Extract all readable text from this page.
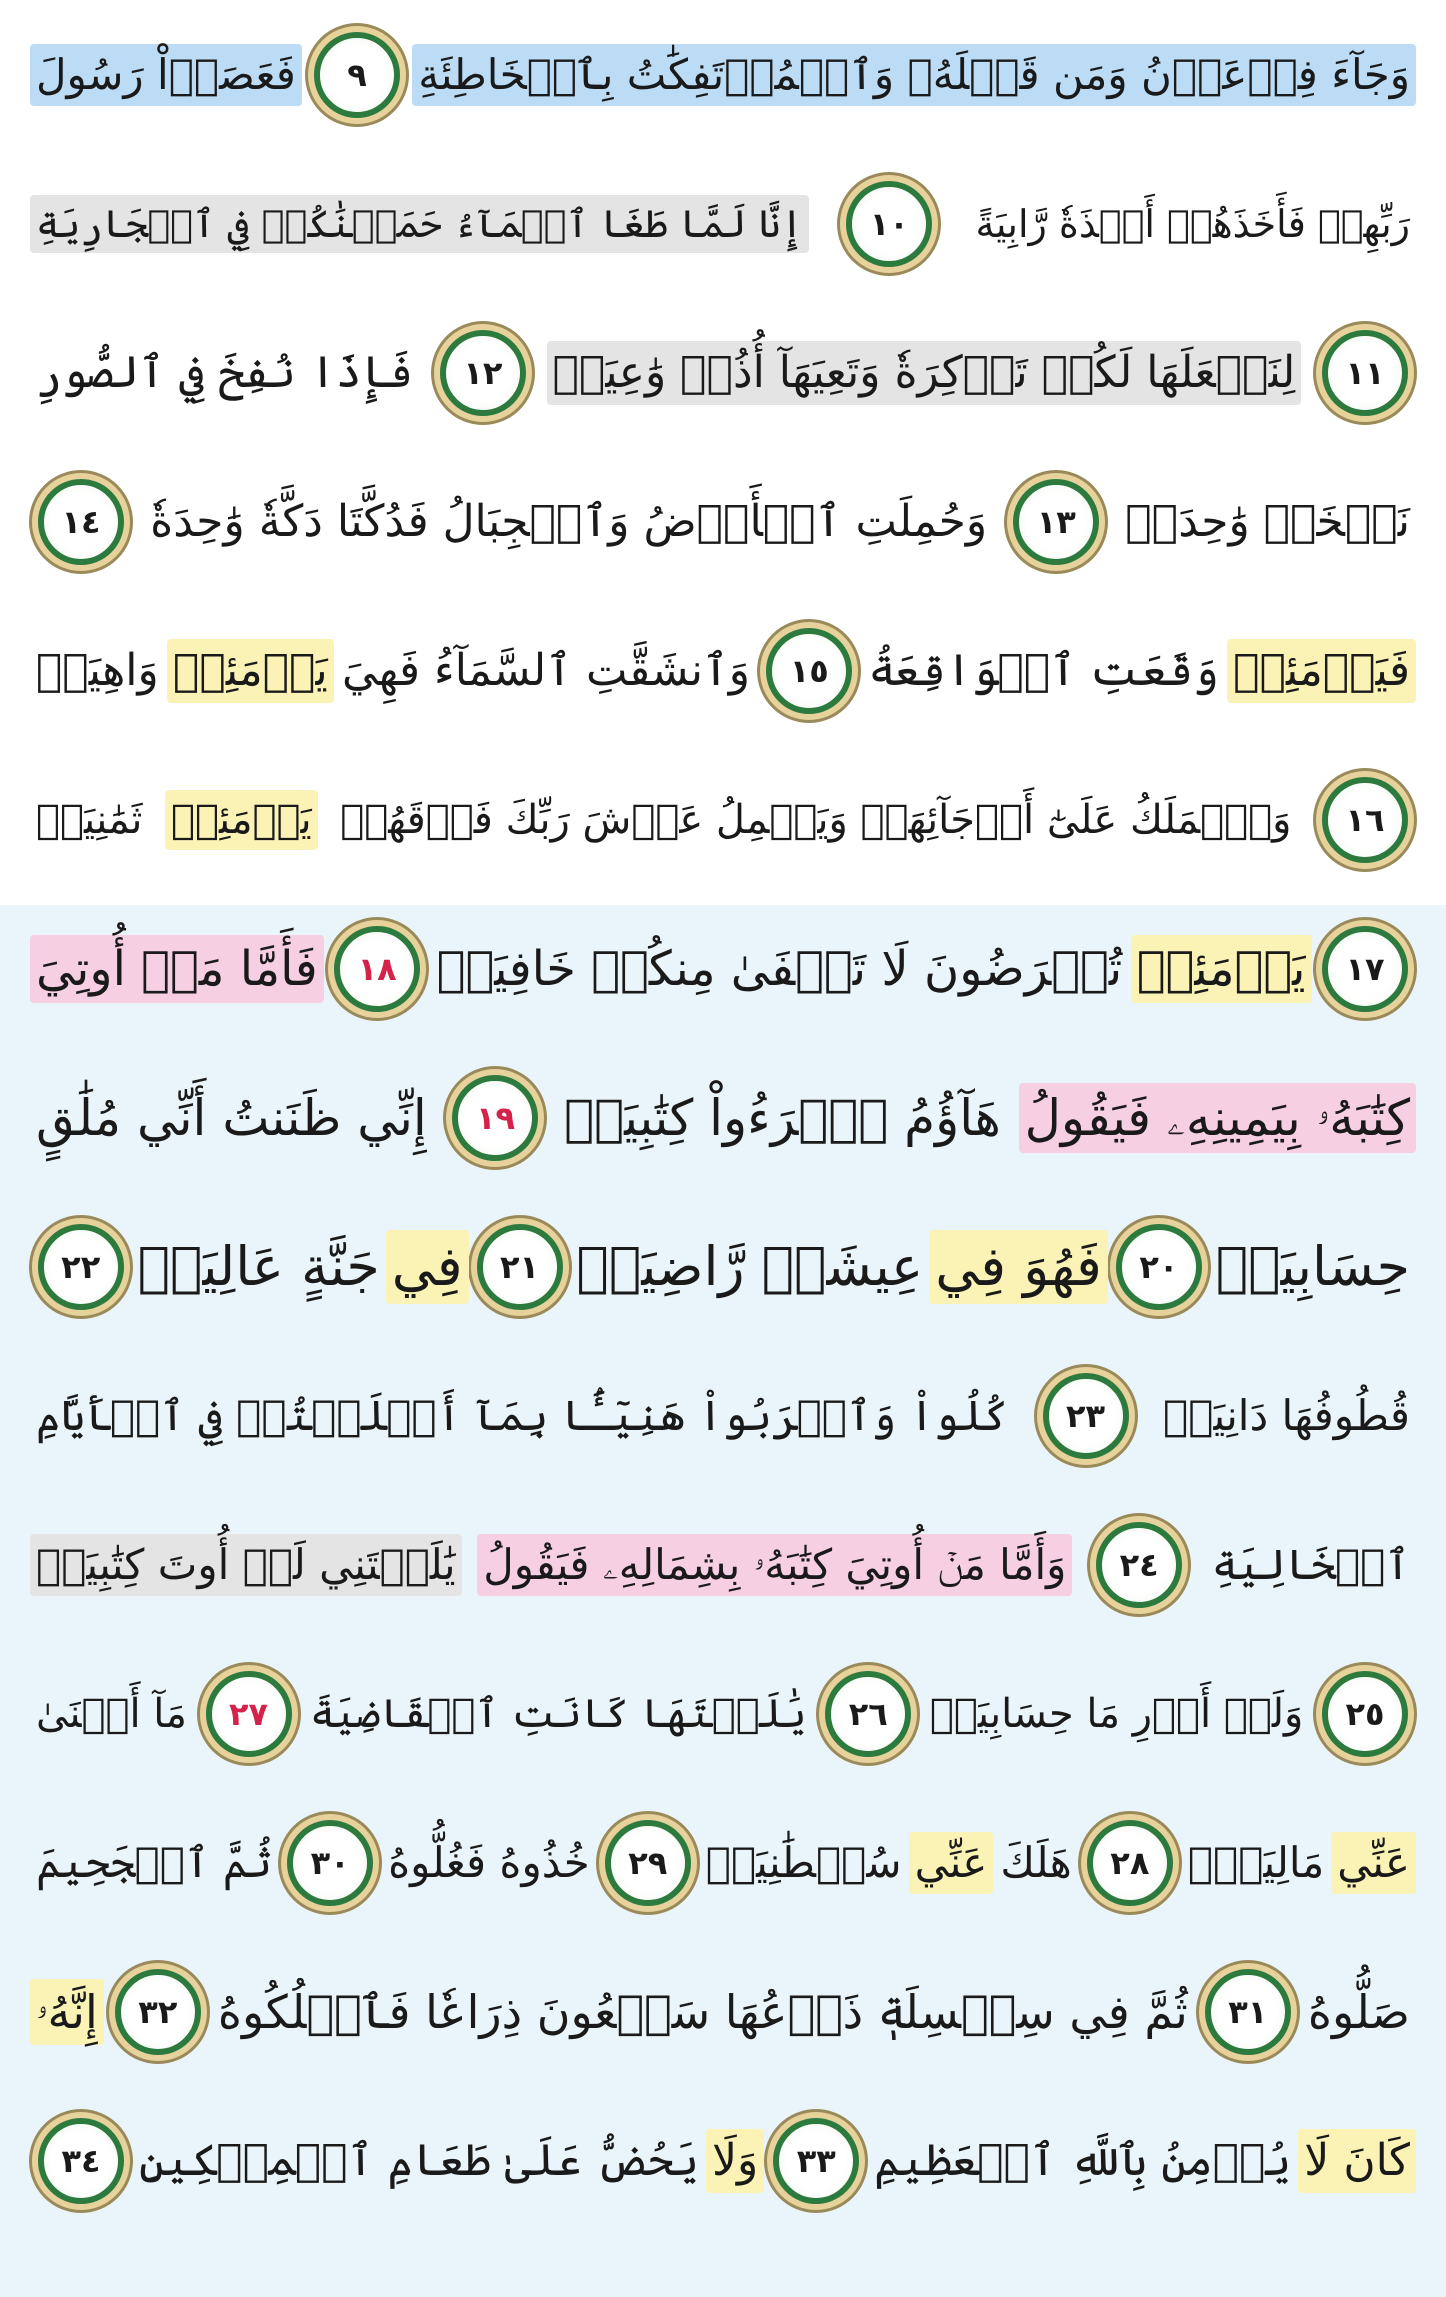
وَجَآءَ فِرۡعَوۡنُ وَمَن قَبۡلَهُۥ وَٱلۡمُؤۡتَفِكَٰتُ بِٱلۡخَاطِئَةِ
٩
فَعَصَوۡاْ رَسُولَ
رَبِّهِمۡ فَأَخَذَهُمۡ أَخۡذَةٗ رَّابِيَةً
١٠
إِنَّا لَمَّا طَغَا ٱلۡمَآءُ حَمَلۡنَٰكُمۡ فِي ٱلۡجَارِيَةِ
١١
لِنَجۡعَلَهَا لَكُمۡ تَذۡكِرَةٗ وَتَعِيَهَآ أُذُنٞ وَٰعِيَةٞ
١٢
فَإِذَا نُفِخَ فِي ٱلصُّورِ
نَفۡخَةٞ وَٰحِدَةٞ
١٣
وَحُمِلَتِ ٱلۡأَرۡضُ وَٱلۡجِبَالُ فَدُكَّتَا دَكَّةٗ وَٰحِدَةٗ
١٤
فَيَوۡمَئِذٖ
وَقَعَتِ ٱلۡوَاقِعَةُ
١٥
وَٱنشَقَّتِ ٱلسَّمَآءُ فَهِيَ
يَوۡمَئِذٖ
وَاهِيَةٞ
١٦
وَٱلۡمَلَكُ عَلَىٰٓ أَرۡجَآئِهَاۚ وَيَحۡمِلُ عَرۡشَ رَبِّكَ فَوۡقَهُمۡ
يَوۡمَئِذٖ
ثَمَٰنِيَةٞ
١٧
يَوۡمَئِذٖ
تُعۡرَضُونَ لَا تَخۡفَىٰ مِنكُمۡ خَافِيَةٞ
١٨
فَأَمَّا مَنۡ أُوتِيَ
كِتَٰبَهُۥ بِيَمِينِهِۦ فَيَقُولُ
هَآؤُمُ ٱقۡرَءُواْ كِتَٰبِيَهۡ
١٩
إِنِّي ظَنَنتُ أَنِّي مُلَٰقٍ
حِسَابِيَهۡ
٢٠
فَهُوَ فِي
عِيشَةٖ رَّاضِيَةٖ
٢١
فِي
جَنَّةٍ عَالِيَةٖ
٢٢
قُطُوفُهَا دَانِيَةٞ
٢٣
كُلُواْ وَٱشۡرَبُواْ هَنِيٓـَٔۢا بِمَآ أَسۡلَفۡتُمۡ فِي ٱلۡأَيَّامِ
ٱلۡخَالِيَةِ
٢٤
وَأَمَّا مَنۡ أُوتِيَ كِتَٰبَهُۥ بِشِمَالِهِۦ فَيَقُولُ
يَٰلَيۡتَنِي لَمۡ أُوتَ كِتَٰبِيَهۡ
٢٥
وَلَمۡ أَدۡرِ مَا حِسَابِيَهۡ
٢٦
يَٰلَيۡتَهَا كَانَتِ ٱلۡقَاضِيَةَ
٢٧
مَآ أَغۡنَىٰ
عَنِّي
مَالِيَهۡۜ
٢٨
هَلَكَ
عَنِّي
سُلۡطَٰنِيَهۡ
٢٩
خُذُوهُ فَغُلُّوهُ
٣٠
ثُمَّ ٱلۡجَحِيمَ
صَلُّوهُ
٣١
ثُمَّ فِي سِلۡسِلَةٖ ذَرۡعُهَا سَبۡعُونَ ذِرَاعٗا فَٱسۡلُكُوهُ
٣٢
إِنَّهُۥ
كَانَ لَا
يُؤۡمِنُ بِٱللَّهِ ٱلۡعَظِيمِ
٣٣
وَلَا
يَحُضُّ عَلَىٰ طَعَامِ ٱلۡمِسۡكِينِ
٣٤
